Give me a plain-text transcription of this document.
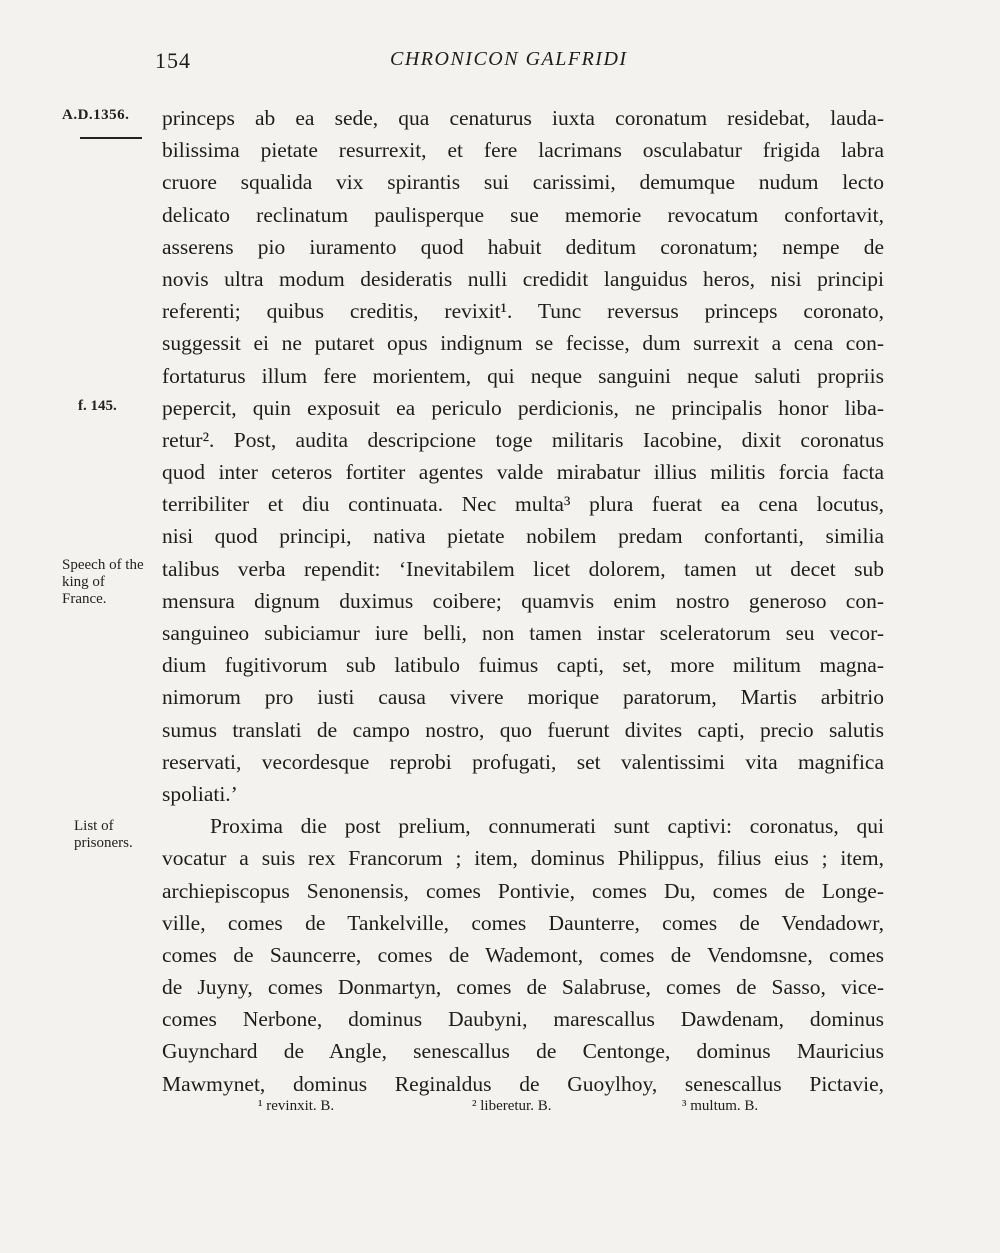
154	CHRONICON GALFRIDI
A.D.1356.
f. 145.
Speech of the king of France.
List of prisoners.
princeps ab ea sede, qua cenaturus iuxta coronatum residebat, lauda-
bilissima pietate resurrexit, et fere lacrimans osculabatur frigida labra
cruore squalida vix spirantis sui carissimi, demumque nudum lecto
delicato reclinatum paulisperque sue memorie revocatum confortavit,
asserens pio iuramento quod habuit deditum coronatum; nempe de
novis ultra modum desideratis nulli credidit languidus heros, nisi principi
referenti; quibus creditis, revixit¹. Tunc reversus princeps coronato,
suggessit ei ne putaret opus indignum se fecisse, dum surrexit a cena con-
fortaturus illum fere morientem, qui neque sanguini neque saluti propriis
pepercit, quin exposuit ea periculo perdicionis, ne principalis honor liba-
retur². Post, audita descripcione toge militaris Iacobine, dixit coronatus
quod inter ceteros fortiter agentes valde mirabatur illius militis forcia facta
terribiliter et diu continuata. Nec multa³ plura fuerat ea cena locutus,
nisi quod principi, nativa pietate nobilem predam confortanti, similia
talibus verba rependit: ‘Inevitabilem licet dolorem, tamen ut decet sub
mensura dignum duximus coibere; quamvis enim nostro generoso con-
sanguineo subiciamur iure belli, non tamen instar sceleratorum seu vecor-
dium fugitivorum sub latibulo fuimus capti, set, more militum magna-
nimorum pro iusti causa vivere morique paratorum, Martis arbitrio
sumus translati de campo nostro, quo fuerunt divites capti, precio salutis
reservati, vecordesque reprobi profugati, set valentissimi vita magnifica
spoliati.’
Proxima die post prelium, connumerati sunt captivi: coronatus, qui
vocatur a suis rex Francorum ; item, dominus Philippus, filius eius ; item,
archiepiscopus Senonensis, comes Pontivie, comes Du, comes de Longe-
ville, comes de Tankelville, comes Daunterre, comes de Vendadowr,
comes de Sauncerre, comes de Wademont, comes de Vendomsne, comes
de Juyny, comes Donmartyn, comes de Salabruse, comes de Sasso, vice-
comes Nerbone, dominus Daubyni, marescallus Dawdenam, dominus
Guynchard de Angle, senescallus de Centonge, dominus Mauricius
Mawmynet, dominus Reginaldus de Guoylhoy, senescallus Pictavie,
¹ revinxit. B.	² liberetur. B.	³ multum. B.
